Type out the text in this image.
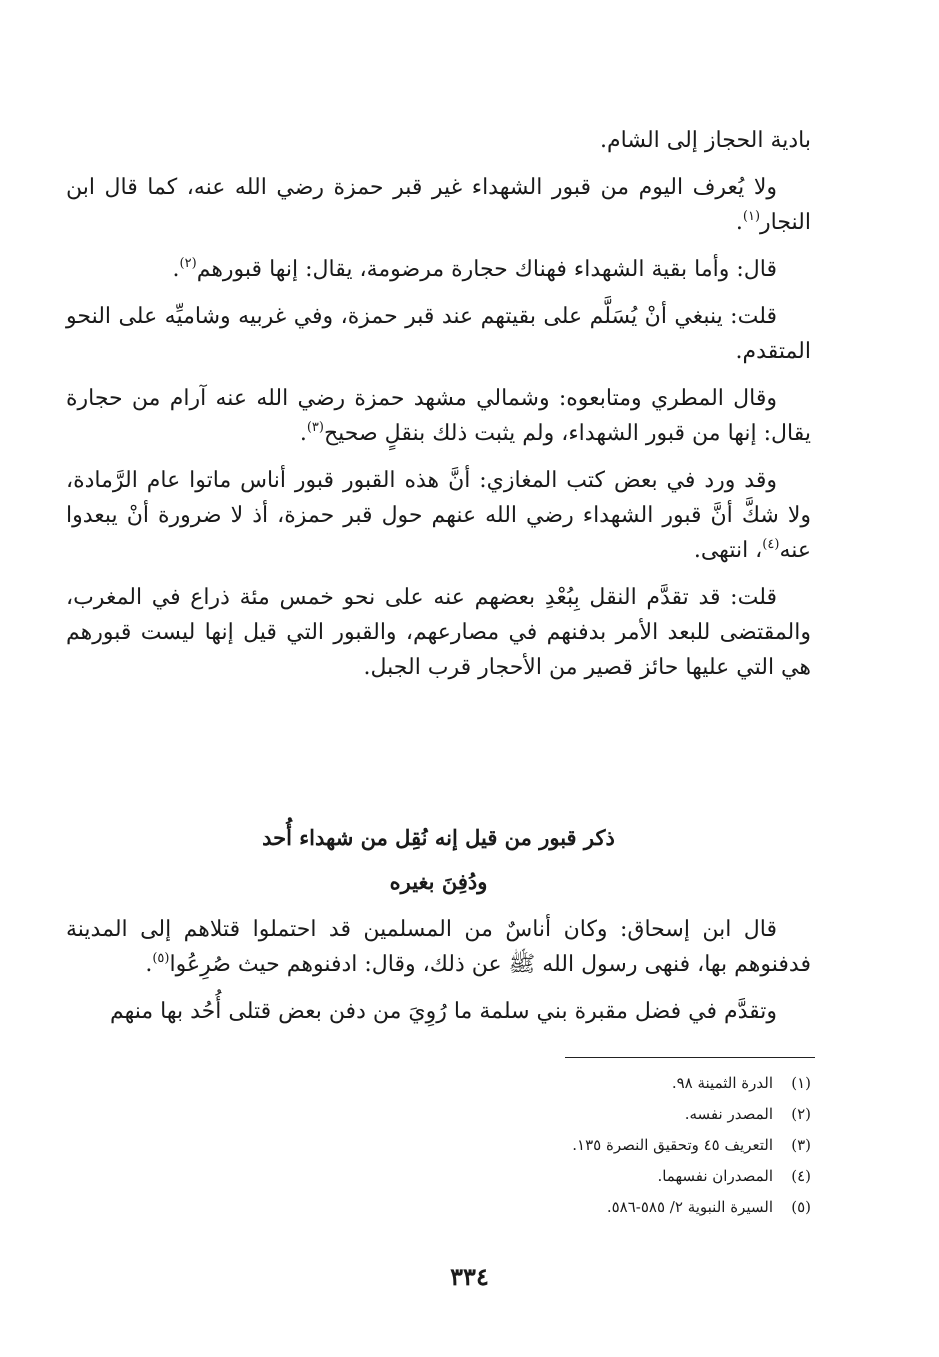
بادية الحجاز إلى الشام.

ولا يُعرف اليوم من قبور الشهداء غير قبر حمزة رضي الله عنه، كما قال ابن النجار$^{(١)}$.

قال: وأما بقية الشهداء فهناك حجارة مرضومة، يقال: إنها قبورهم$^{(٢)}$.

قلت: ينبغي أنْ يُسَلَّم على بقيتهم عند قبر حمزة، وفي غربيه وشاميِّه على النحو المتقدم.

وقال المطري ومتابعوه: وشمالي مشهد حمزة رضي الله عنه آرام من حجارة يقال: إنها من قبور الشهداء، ولم يثبت ذلك بنقلٍ صحيح$^{(٣)}$.

وقد ورد في بعض كتب المغازي: أنَّ هذه القبور قبور أناس ماتوا عام الرَّمادة، ولا شكَّ أنَّ قبور الشهداء رضي الله عنهم حول قبر حمزة، أذ لا ضرورة أنْ يبعدوا عنه$^{(٤)}$، انتهى.

قلت: قد تقدَّم النقل بِبُعْدِ بعضهم عنه على نحو خمس مئة ذراع في المغرب، والمقتضى للبعد الأمر بدفنهم في مصارعهم، والقبور التي قيل إنها ليست قبورهم هي التي عليها حائز قصير من الأحجار قرب الجبل.

ذكر قبور من قيل إنه نُقِل من شهداء أُحد
ودُفِنَ بغيره

قال ابن إسحاق: وكان أناسٌ من المسلمين قد احتملوا قتلاهم إلى المدينة فدفنوهم بها، فنهى رسول الله ﷺ عن ذلك، وقال: ادفنوهم حيث صُرِعُوا$^{(٥)}$.

وتقدَّم في فضل مقبرة بني سلمة ما رُوِيَ من دفن بعض قتلى أُحُد بها منهم

(١)الدرة الثمينة ٩٨.
(٢)المصدر نفسه.
(٣)التعريف ٤٥ وتحقيق النصرة ١٣٥.
(٤)المصدران نفسهما.
(٥)السيرة النبوية ٢/ ٥٨٥-٥٨٦.
٣٣٤
